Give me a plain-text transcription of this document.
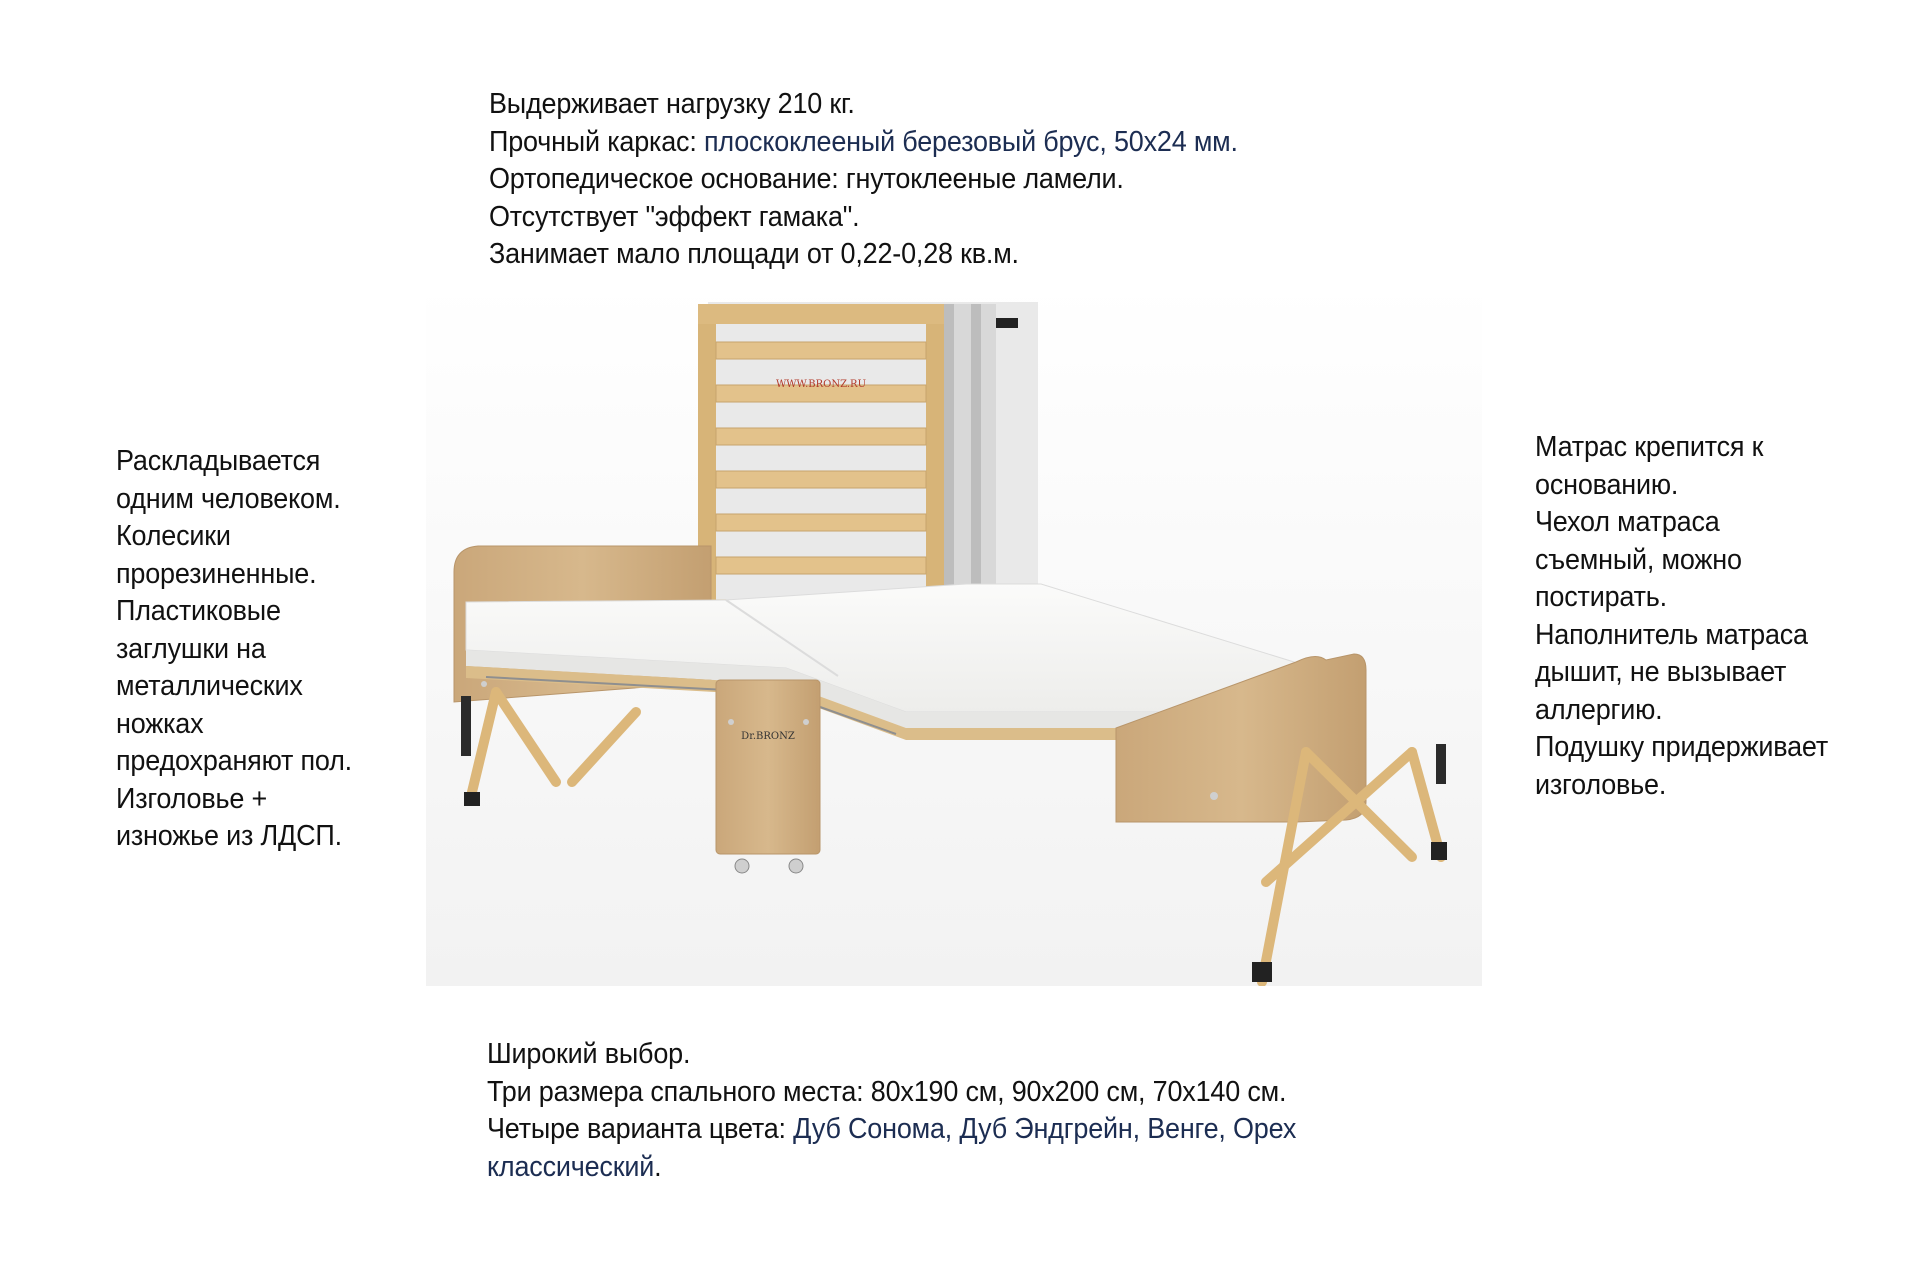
Выдерживает нагрузку 210 кг.
Прочный каркас: плоскоклееный березовый брус, 50х24 мм.
Ортопедическое основание: гнутоклееные ламели.
Отсутствует "эффект гамака".
Занимает мало площади от 0,22-0,28 кв.м.
Раскладывается
одним человеком.
Колесики
прорезиненные.
Пластиковые
заглушки на
металлических
ножках
предохраняют пол.
Изголовье +
изножье из ЛДСП.
Матрас крепится к
основанию.
Чехол матраса
съемный, можно
постирать.
Наполнитель матраса
дышит, не вызывает
аллергию.
Подушку придерживает
изголовье.
Широкий выбор.
Три размера спального места: 80х190 см, 90х200 см, 70х140 см.
Четыре варианта цвета: Дуб Сонома, Дуб Эндгрейн, Венге, Орех
классический.
WWW.BRONZ.RU
Dr.BRONZ
